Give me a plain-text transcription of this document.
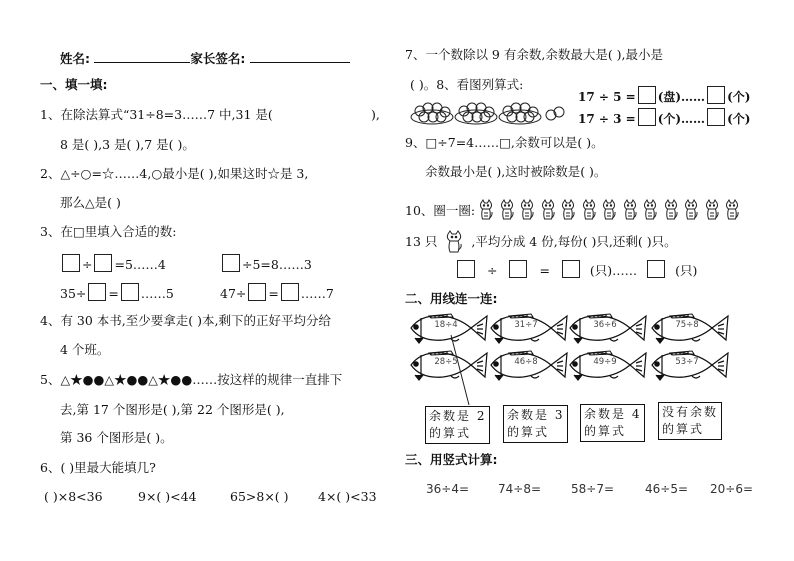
姓名:	家长签名:
一、填一填:
1、在除法算式“31÷8=3……7 中,31 是(	),
8 是( ),3 是( ),7 是( )。
2、△÷○=☆……4,○最小是( ),如果这时☆是 3,
那么△是( )
3、在□里填入合适的数:
÷ =5……4	÷5=8……3
35÷ = ……5	47÷ = ……7
4、有 30 本书,至少要拿走( )本,剩下的正好平均分给
4 个班。
5、△★●●△★●●△★●●……按这样的规律一直排下
去,第 17 个图形是( ),第 22 个图形是( ),
第 36 个图形是( )。
6、( )里最大能填几?
( )×8<36	9×( )<44	65>8×( ) 4×( )<33
7、一个数除以 9 有余数,余数最大是( ),最小是
( )。8、看图列算式:
17 ÷ 5 = (盘)…… (个)
17 ÷ 3 = (个)…… (个)
9、□÷7=4……□,余数可以是( )。
余数最小是( ),这时被除数是( )。
10、圈一圈:
13 只	,平均分成 4 份,每份( )只,还剩( )只。
÷	=	(只)……	(只)
二、用线连一连:
18÷4	31÷7	36÷6	75÷8
28÷5	46÷8	49÷9	53÷7
余数是 2
的算式
余数是 3
的算式
余数是 4
的算式
没有余数
的算式
三、用竖式计算:
36÷4= 74÷8= 58÷7=	46÷5= 20÷6=
